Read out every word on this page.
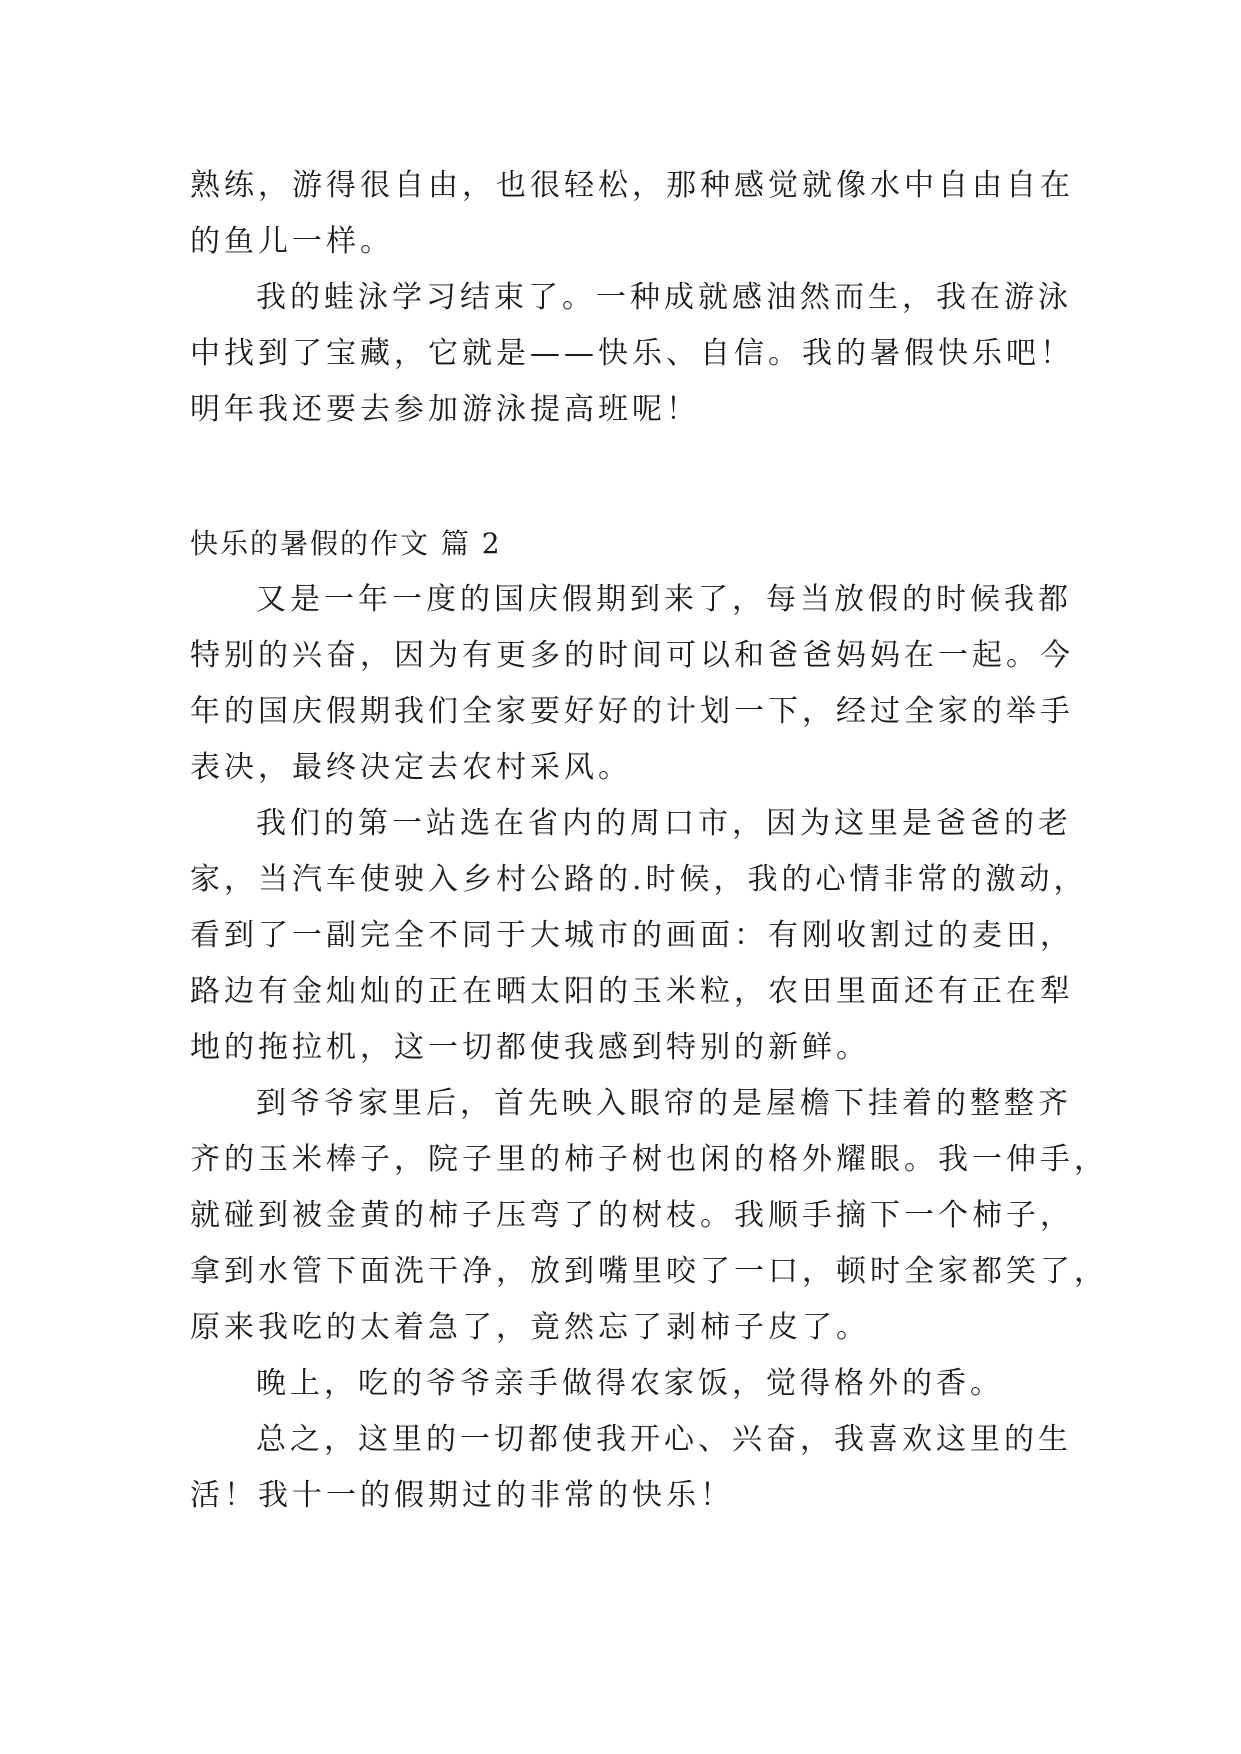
熟练，游得很自由，也很轻松，那种感觉就像水中自由自在
的鱼儿一样。
我的蛙泳学习结束了。一种成就感油然而生，我在游泳
中找到了宝藏，它就是——快乐、自信。我的暑假快乐吧！
明年我还要去参加游泳提高班呢！
快乐的暑假的作文 篇 2
又是一年一度的国庆假期到来了，每当放假的时候我都
特别的兴奋，因为有更多的时间可以和爸爸妈妈在一起。今
年的国庆假期我们全家要好好的计划一下，经过全家的举手
表决，最终决定去农村采风。
我们的第一站选在省内的周口市，因为这里是爸爸的老
家，当汽车使驶入乡村公路的.时候，我的心情非常的激动，
看到了一副完全不同于大城市的画面：有刚收割过的麦田，
路边有金灿灿的正在晒太阳的玉米粒，农田里面还有正在犁
地的拖拉机，这一切都使我感到特别的新鲜。
到爷爷家里后，首先映入眼帘的是屋檐下挂着的整整齐
齐的玉米棒子，院子里的柿子树也闲的格外耀眼。我一伸手，
就碰到被金黄的柿子压弯了的树枝。我顺手摘下一个柿子，
拿到水管下面洗干净，放到嘴里咬了一口，顿时全家都笑了，
原来我吃的太着急了，竟然忘了剥柿子皮了。
晚上，吃的爷爷亲手做得农家饭，觉得格外的香。
总之，这里的一切都使我开心、兴奋，我喜欢这里的生
活！我十一的假期过的非常的快乐！
